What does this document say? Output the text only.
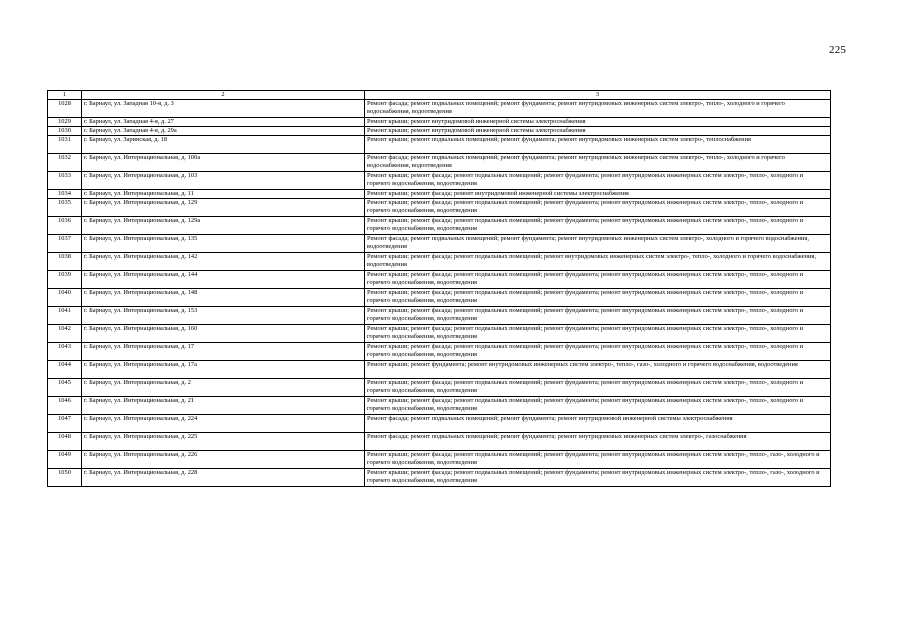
225
1	2	3
1028	г. Барнаул, ул. Западная 10-я, д. 3	Ремонт фасада; ремонт подвальных помещений; ремонт фундамента; ремонт внутридомовых инженерных систем электро-, тепло-, холодного и горячего водоснабжения, водоотведения
1029	г. Барнаул, ул. Западная 4-я, д. 27	Ремонт крыши; ремонт внутридомовой инженерной системы электроснабжения
1030	г. Барнаул, ул. Западная 4-я, д. 29а	Ремонт крыши; ремонт внутридомовой инженерной системы электроснабжения
1031	г. Барнаул, ул. Заринская, д. 18	Ремонт крыши; ремонт подвальных помещений; ремонт фундамента; ремонт внутридомовых инженерных систем электро-, теплоснабжения
1032	г. Барнаул, ул. Интернациональная, д. 100а	Ремонт фасада; ремонт подвальных помещений; ремонт фундамента; ремонт внутридомовых инженерных систем электро-, тепло-, холодного и горячего водоснабжения, водоотведения
1033	г. Барнаул, ул. Интернациональная, д. 103	Ремонт крыши; ремонт фасада; ремонт подвальных помещений; ремонт фундамента; ремонт внутридомовых инженерных систем электро-, тепло-, холодного и горячего водоснабжения, водоотведения
1034	г. Барнаул, ул. Интернациональная, д. 11	Ремонт крыши; ремонт фасада; ремонт внутридомовой инженерной системы электроснабжения
1035	г. Барнаул, ул. Интернациональная, д. 129	Ремонт крыши; ремонт фасада; ремонт подвальных помещений; ремонт фундамента; ремонт внутридомовых инженерных систем электро-, тепло-, холодного и горячего водоснабжения, водоотведения
1036	г. Барнаул, ул. Интернациональная, д. 129а	Ремонт крыши; ремонт фасада; ремонт подвальных помещений; ремонт фундамента; ремонт внутридомовых инженерных систем электро-, тепло-, холодного и горячего водоснабжения, водоотведения
1037	г. Барнаул, ул. Интернациональная, д. 135	Ремонт фасада; ремонт подвальных помещений; ремонт фундамента; ремонт внутридомовых инженерных систем электро-, холодного и горячего водоснабжения, водоотведения
1038	г. Барнаул, ул. Интернациональная, д. 142	Ремонт крыши; ремонт фасада; ремонт подвальных помещений; ремонт внутридомовых инженерных систем электро-, тепло-, холодного и горячего водоснабжения, водоотведения
1039	г. Барнаул, ул. Интернациональная, д. 144	Ремонт крыши; ремонт фасада; ремонт подвальных помещений; ремонт фундамента; ремонт внутридомовых инженерных систем электро-, тепло-, холодного и горячего водоснабжения, водоотведения
1040	г. Барнаул, ул. Интернациональная, д. 148	Ремонт крыши; ремонт фасада; ремонт подвальных помещений; ремонт фундамента; ремонт внутридомовых инженерных систем электро-, тепло-, холодного и горячего водоснабжения, водоотведения
1041	г. Барнаул, ул. Интернациональная, д. 153	Ремонт крыши; ремонт фасада; ремонт подвальных помещений; ремонт фундамента; ремонт внутридомовых инженерных систем электро-, тепло-, холодного и горячего водоснабжения, водоотведения
1042	г. Барнаул, ул. Интернациональная, д. 160	Ремонт крыши; ремонт фасада; ремонт подвальных помещений; ремонт фундамента; ремонт внутридомовых инженерных систем электро-, тепло-, холодного и горячего водоснабжения, водоотведения
1043	г. Барнаул, ул. Интернациональная, д. 17	Ремонт крыши; ремонт фасада; ремонт подвальных помещений; ремонт фундамента; ремонт внутридомовых инженерных систем электро-, тепло-, холодного и горячего водоснабжения, водоотведения
1044	г. Барнаул, ул. Интернациональная, д. 17а	Ремонт крыши; ремонт фундамента; ремонт внутридомовых инженерных систем электро-, тепло-, газо-, холодного и горячего водоснабжения, водоотведения
1045	г. Барнаул, ул. Интернациональная, д. 2	Ремонт крыши; ремонт фасада; ремонт подвальных помещений; ремонт фундамента; ремонт внутридомовых инженерных систем электро-, тепло-, холодного и горячего водоснабжения, водоотведения
1046	г. Барнаул, ул. Интернациональная, д. 21	Ремонт крыши; ремонт фасада; ремонт подвальных помещений; ремонт фундамента; ремонт внутридомовых инженерных систем электро-, тепло-, холодного и горячего водоснабжения, водоотведения
1047	г. Барнаул, ул. Интернациональная, д. 224	Ремонт фасада; ремонт подвальных помещений; ремонт фундамента; ремонт внутридомовой инженерной системы электроснабжения
1048	г. Барнаул, ул. Интернациональная, д. 225	Ремонт фасада; ремонт подвальных помещений; ремонт фундамента; ремонт внутридомовых инженерных систем электро-, газоснабжения
1049	г. Барнаул, ул. Интернациональная, д. 226	Ремонт крыши; ремонт фасада; ремонт подвальных помещений; ремонт фундамента; ремонт внутридомовых инженерных систем электро-, тепло-, газо-, холодного и горячего водоснабжения, водоотведения
1050	г. Барнаул, ул. Интернациональная, д. 228	Ремонт крыши; ремонт фасада; ремонт подвальных помещений; ремонт фундамента; ремонт внутридомовых инженерных систем электро-, тепло-, газо-, холодного и горячего водоснабжения, водоотведения
